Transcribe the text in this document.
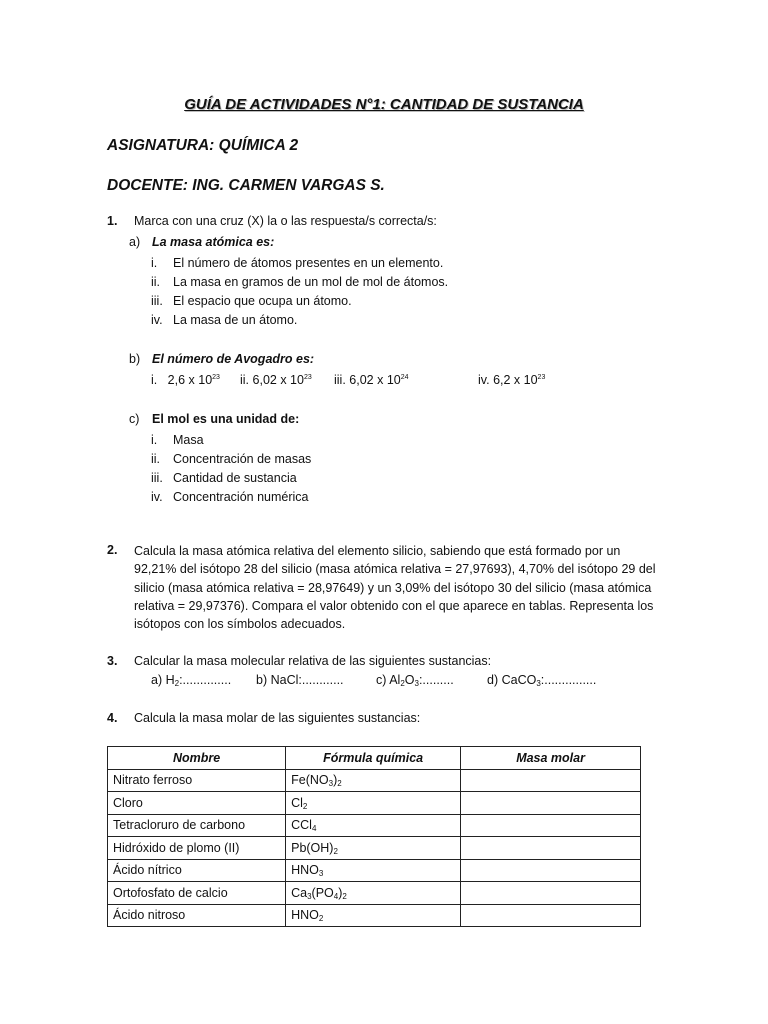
GUÍA DE ACTIVIDADES N°1: CANTIDAD DE SUSTANCIA
ASIGNATURA: QUÍMICA 2
DOCENTE: ING. CARMEN VARGAS S.
1. Marca con una cruz (X) la o las respuesta/s correcta/s:
a) La masa atómica es:
i. El número de átomos presentes en un elemento.
ii. La masa en gramos de un mol de mol de átomos.
iii. El espacio que ocupa un átomo.
iv. La masa de un átomo.
b) El número de Avogadro es:
i. 2,6 x $10^{23}$ ii. 6,02 x $10^{23}$ iii. 6,02 x $10^{24}$	iv. 6,2 x $10^{23}$
c) El mol es una unidad de:
i. Masa
ii. Concentración de masas
iii. Cantidad de sustancia
iv. Concentración numérica
2. Calcula la masa atómica relativa del elemento silicio, sabiendo que está formado por un 92,21% del isótopo 28 del silicio (masa atómica relativa = 27,97693), 4,70% del isótopo 29 del silicio (masa atómica relativa = 28,97649) y un 3,09% del isótopo 30 del silicio (masa atómica relativa = 29,97376). Compara el valor obtenido con el que aparece en tablas. Representa los isótopos con los símbolos adecuados.
3. Calcular la masa molecular relativa de las siguientes sustancias:
a) $H_2$:.............. b) NaCl:............	c) $Al_2O_3$:.........	d) CaCO$_3$:...............
4. Calcula la masa molar de las siguientes sustancias:
Nombre	Fórmula química	Masa molar
Nitrato ferroso	$Fe(NO_3)_2$	
Cloro	$Cl_2$	
Tetracloruro de carbono	CCl$_4$	
Hidróxido de plomo (II)	$Pb(OH)_2$	
Ácido nítrico	$HNO_3$	
Ortofosfato de calcio	$Ca_3(PO_4)_2$	
Ácido nitroso	$HNO_2$	
